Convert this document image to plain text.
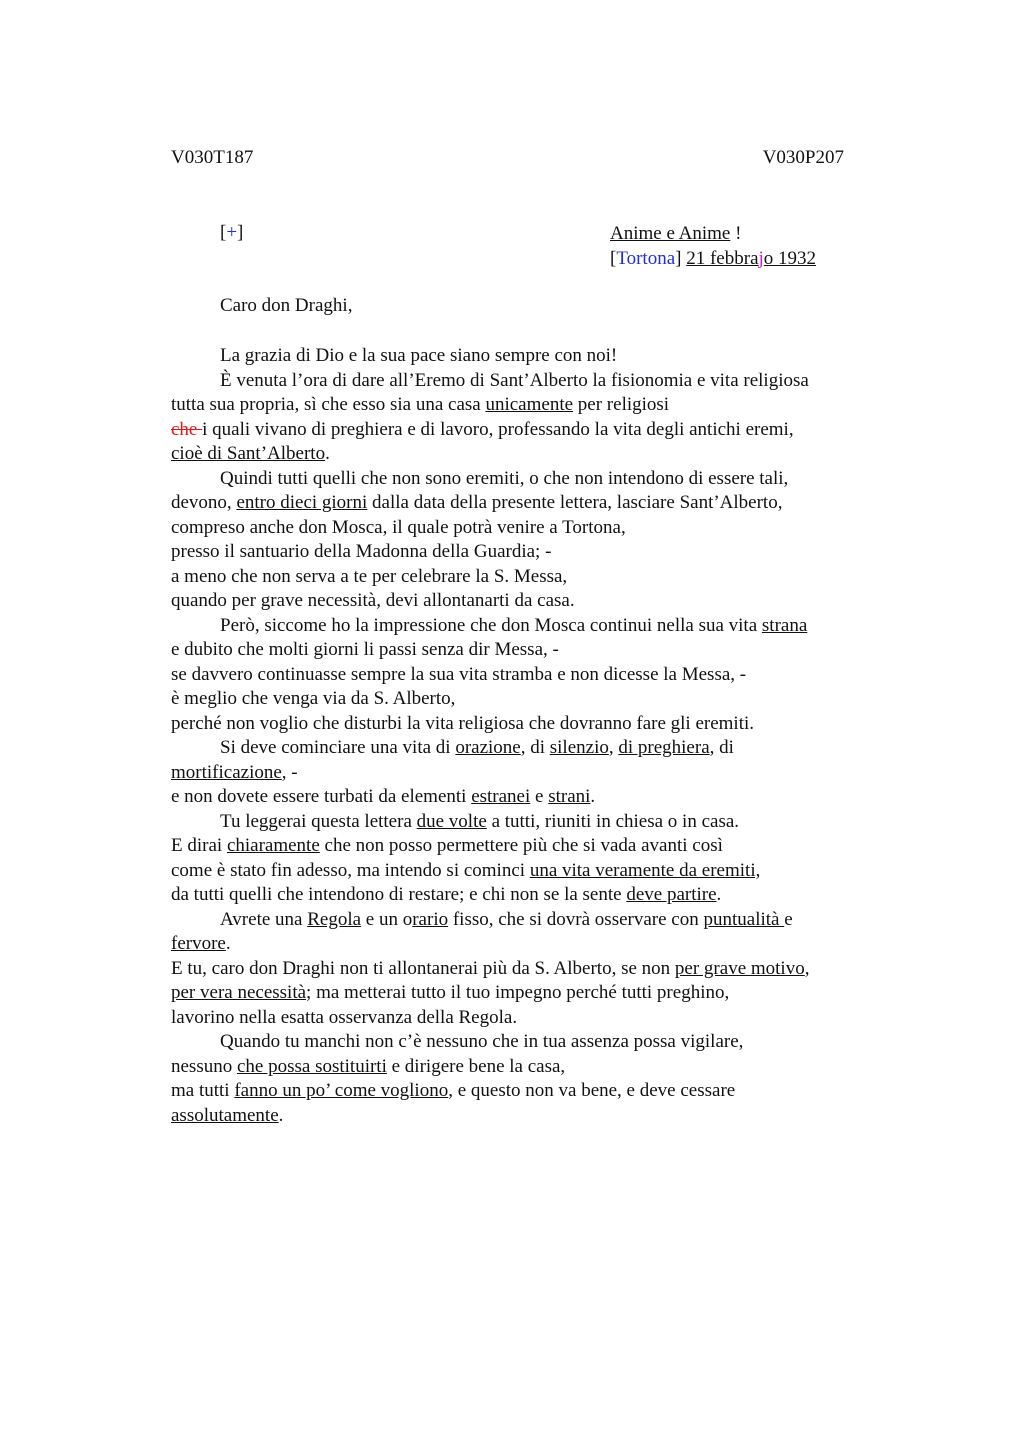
V030T187	V030P207
[+]	Anime e Anime !
[Tortona] 21 febbrajo 1932
Caro don Draghi,
La grazia di Dio e la sua pace siano sempre con noi!
È venuta l’ora di dare all’Eremo di Sant’Alberto la fisionomia e vita religiosa
tutta sua propria, sì che esso sia una casa unicamente per religiosi
che i quali vivano di preghiera e di lavoro, professando la vita degli antichi eremi,
cioè di Sant’Alberto.
Quindi tutti quelli che non sono eremiti, o che non intendono di essere tali,
devono, entro dieci giorni dalla data della presente lettera, lasciare Sant’Alberto,
compreso anche don Mosca, il quale potrà venire a Tortona,
presso il santuario della Madonna della Guardia; -
a meno che non serva a te per celebrare la S. Messa,
quando per grave necessità, devi allontanarti da casa.
Però, siccome ho la impressione che don Mosca continui nella sua vita strana
e dubito che molti giorni li passi senza dir Messa, -
se davvero continuasse sempre la sua vita stramba e non dicesse la Messa, -
è meglio che venga via da S. Alberto,
perché non voglio che disturbi la vita religiosa che dovranno fare gli eremiti.
Si deve cominciare una vita di orazione, di silenzio, di preghiera, di
mortificazione, -
e non dovete essere turbati da elementi estranei e strani.
Tu leggerai questa lettera due volte a tutti, riuniti in chiesa o in casa.
E dirai chiaramente che non posso permettere più che si vada avanti così
come è stato fin adesso, ma intendo si cominci una vita veramente da eremiti,
da tutti quelli che intendono di restare; e chi non se la sente deve partire.
Avrete una Regola e un orario fisso, che si dovrà osservare con puntualità e
fervore.
E tu, caro don Draghi non ti allontanerai più da S. Alberto, se non per grave motivo,
per vera necessità; ma metterai tutto il tuo impegno perché tutti preghino,
lavorino nella esatta osservanza della Regola.
Quando tu manchi non c’è nessuno che in tua assenza possa vigilare,
nessuno che possa sostituirti e dirigere bene la casa,
ma tutti fanno un po’ come vogliono, e questo non va bene, e deve cessare
assolutamente.
